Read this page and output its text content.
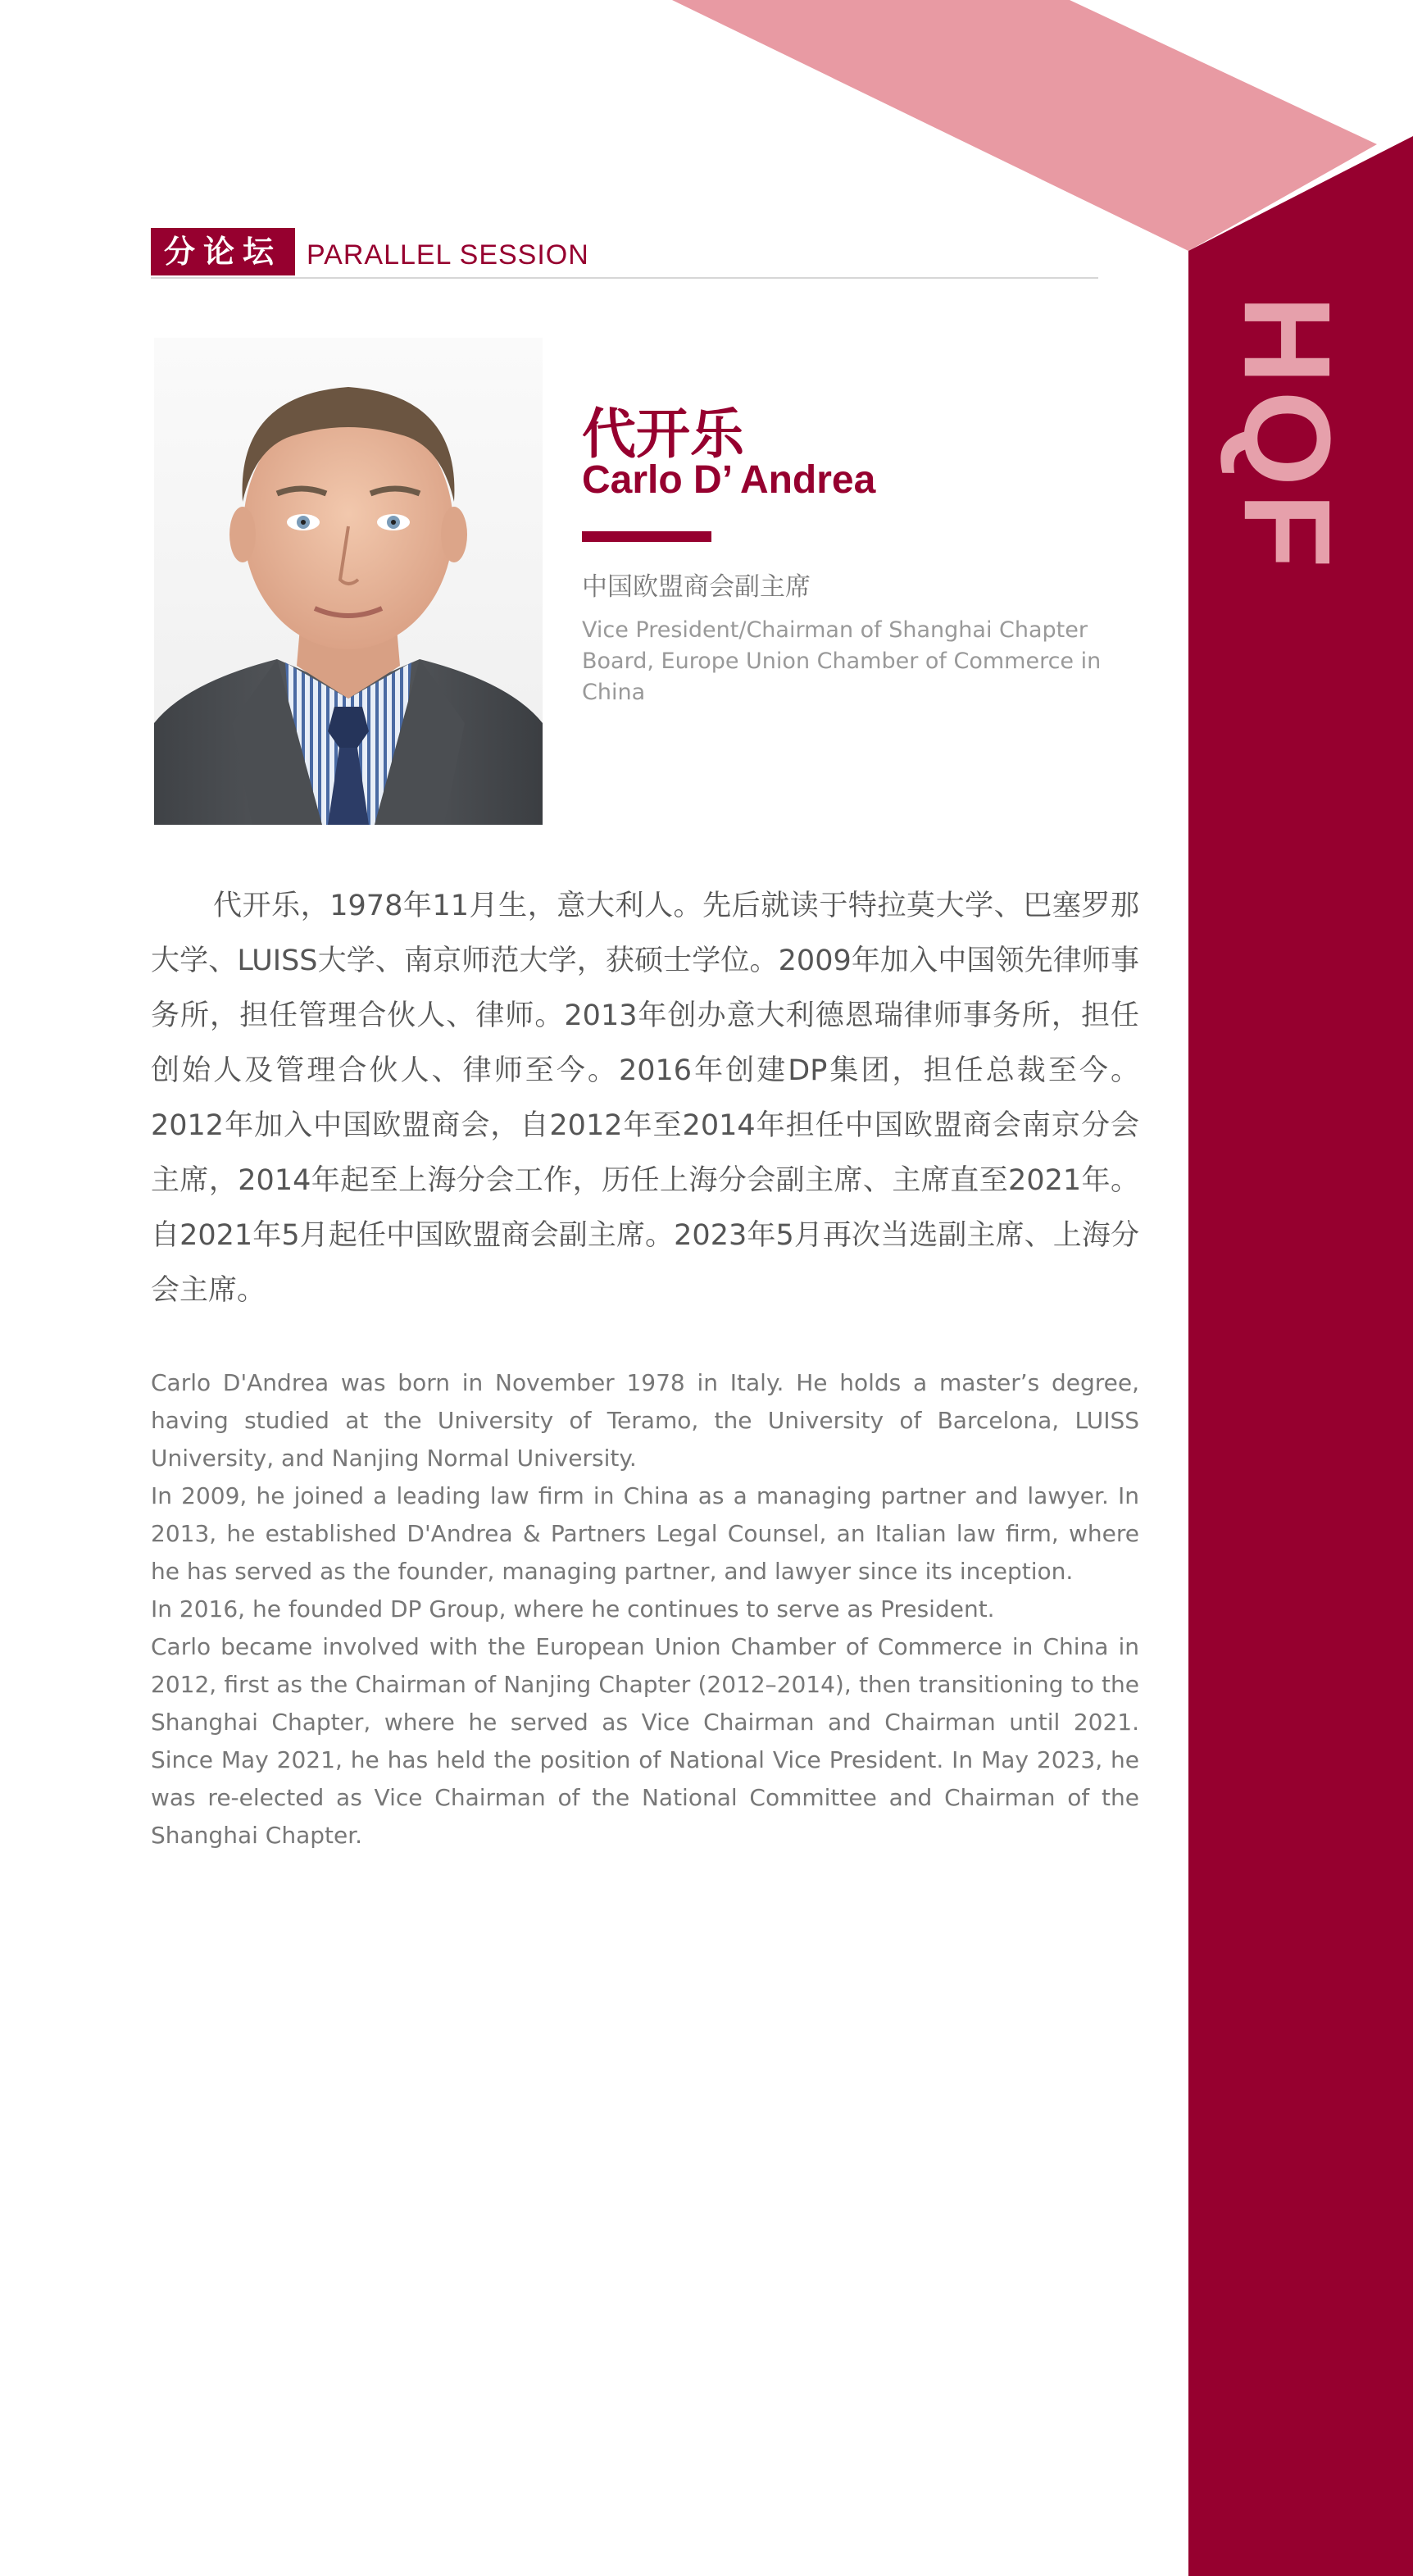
HQF
分论坛 PARALLEL SESSION
代开乐
Carlo D’ Andrea
中国欧盟商会副主席
Vice President/Chairman of Shanghai Chapter Board, Europe Union Chamber of Commerce in China

代开乐，1978年11月生，意大利人。先后就读于特拉莫大学、巴塞罗那大学、LUISS大学、南京师范大学，获硕士学位。2009年加入中国领先律师事务所，担任管理合伙人、律师。2013年创办意大利德恩瑞律师事务所，担任创始人及管理合伙人、律师至今。2016年创建DP集团，担任总裁至今。2012年加入中国欧盟商会，自2012年至2014年担任中国欧盟商会南京分会主席，2014年起至上海分会工作，历任上海分会副主席、主席直至2021年。自2021年5月起任中国欧盟商会副主席。2023年5月再次当选副主席、上海分会主席。

Carlo D'Andrea was born in November 1978 in Italy. He holds a master’s degree, having studied at the University of Teramo, the University of Barcelona, LUISS University, and Nanjing Normal University.

In 2009, he joined a leading law firm in China as a managing partner and lawyer. In 2013, he established D'Andrea & Partners Legal Counsel, an Italian law firm, where he has served as the founder, managing partner, and lawyer since its inception.

In 2016, he founded DP Group, where he continues to serve as President.

Carlo became involved with the European Union Chamber of Commerce in China in 2012, first as the Chairman of Nanjing Chapter (2012–2014), then transitioning to the Shanghai Chapter, where he served as Vice Chairman and Chairman until 2021. Since May 2021, he has held the position of National Vice President. In May 2023, he was re-elected as Vice Chairman of the National Committee and Chairman of the Shanghai Chapter.
